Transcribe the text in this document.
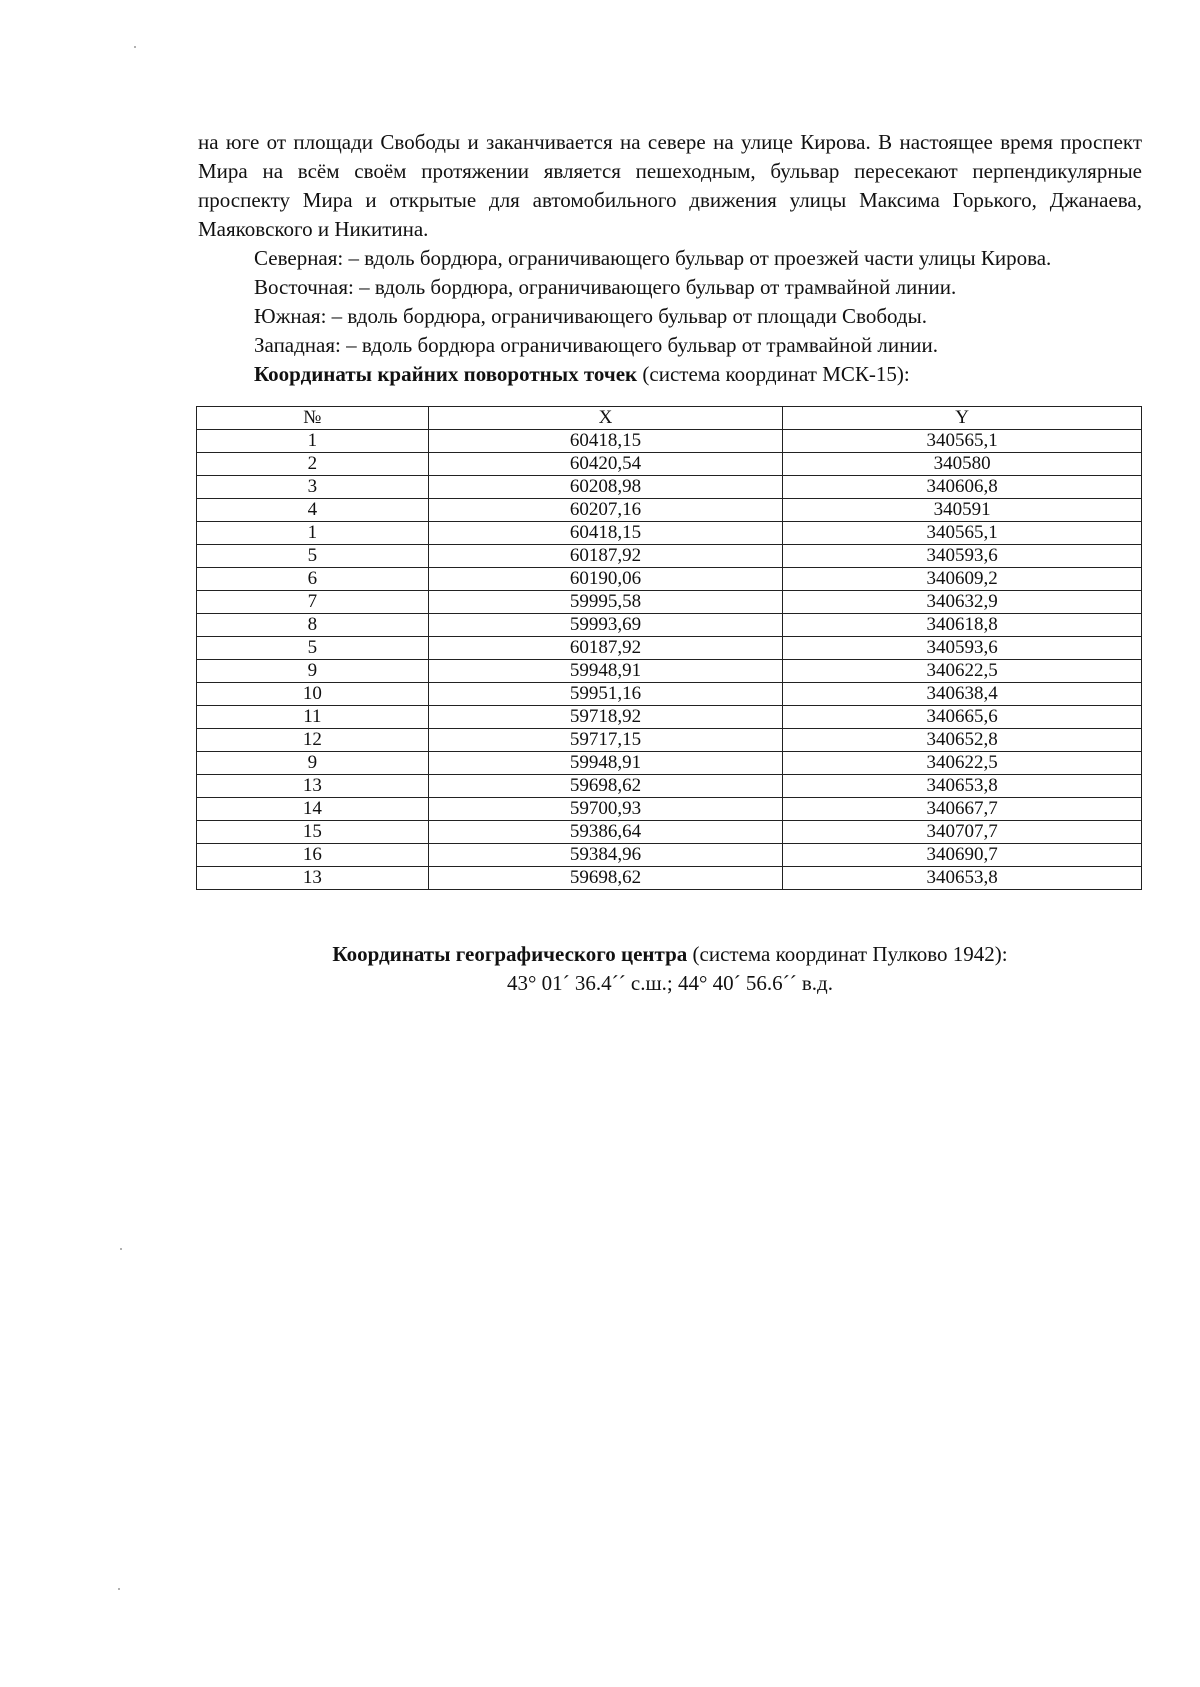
на юге от площади Свободы и заканчивается на севере на улице Кирова. В настоящее время проспект Мира на всём своём протяжении является пешеходным, бульвар пересекают перпендикулярные проспекту Мира и открытые для автомобильного движения улицы Максима Горького, Джанаева, Маяковского и Никитина.

Северная: – вдоль бордюра, ограничивающего бульвар от проезжей части улицы Кирова.

Восточная: – вдоль бордюра, ограничивающего бульвар от трамвайной линии.

Южная: – вдоль бордюра, ограничивающего бульвар от площади Свободы.

Западная: – вдоль бордюра ограничивающего бульвар от трамвайной линии.

Координаты крайних поворотных точек (система координат МСК-15):

№	X	Y
1	60418,15	340565,1
2	60420,54	340580
3	60208,98	340606,8
4	60207,16	340591
1	60418,15	340565,1
5	60187,92	340593,6
6	60190,06	340609,2
7	59995,58	340632,9
8	59993,69	340618,8
5	60187,92	340593,6
9	59948,91	340622,5
10	59951,16	340638,4
11	59718,92	340665,6
12	59717,15	340652,8
9	59948,91	340622,5
13	59698,62	340653,8
14	59700,93	340667,7
15	59386,64	340707,7
16	59384,96	340690,7
13	59698,62	340653,8

Координаты географического центра (система координат Пулково 1942):

43° 01´ 36.4´´ с.ш.; 44° 40´ 56.6´´ в.д.
